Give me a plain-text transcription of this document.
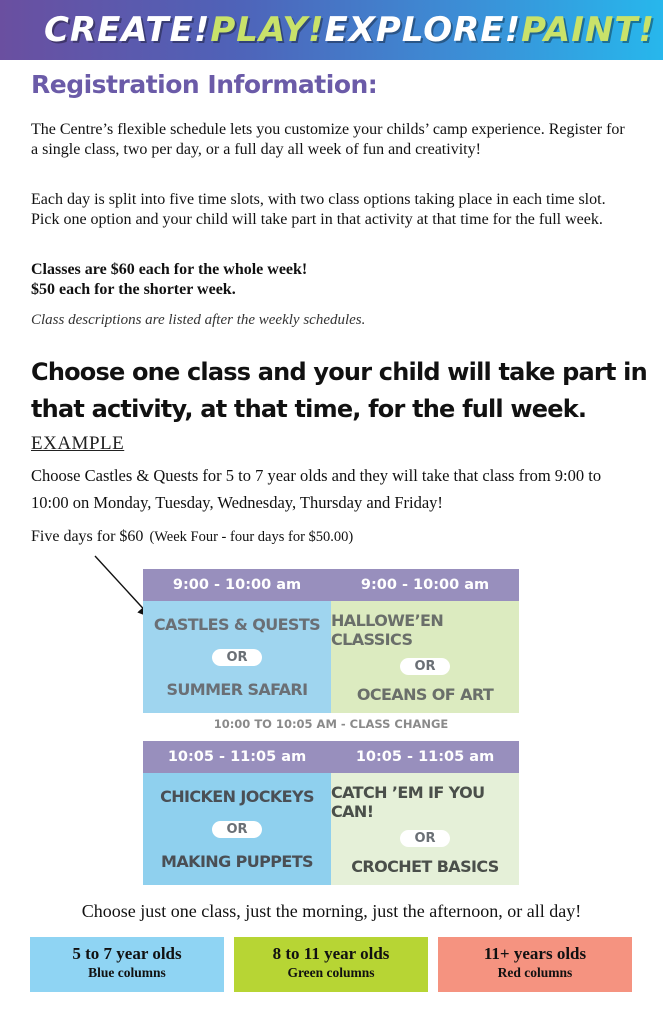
CREATE! PLAY! EXPLORE! PAINT!
Registration Information:

The Centre’s flexible schedule lets you customize your childs’ camp experience. Register for a single class, two per day, or a full day all week of fun and creativity!

Each day is split into five time slots, with two class options taking place in each time slot. Pick one option and your child will take part in that activity at that time for the full week.

Classes are $60 each for the whole week!

$50 each for the shorter week.

Class descriptions are listed after the weekly schedules.

Choose one class and your child will take part in that activity, at that time, for the full week.

EXAMPLE

Choose Castles & Quests for 5 to 7 year olds and they will take that class from 9:00 to 10:00 on Monday, Tuesday, Wednesday, Thursday and Friday!

Five days for $60 (Week Four - four days for $50.00)

9:00 - 10:00 am	9:00 - 10:00 am
CASTLES & QUESTS
OR
SUMMER SAFARI
HALLOWE’EN CLASSICS
OR
OCEANS OF ART
10:00 TO 10:05 AM - CLASS CHANGE
10:05 - 11:05 am	10:05 - 11:05 am
CHICKEN JOCKEYS
OR
MAKING PUPPETS
CATCH ’EM IF YOU CAN!
OR
CROCHET BASICS

Choose just one class, just the morning, just the afternoon, or all day!

5 to 7 year olds
Blue columns
8 to 11 year olds
Green columns
11+ years olds
Red columns
